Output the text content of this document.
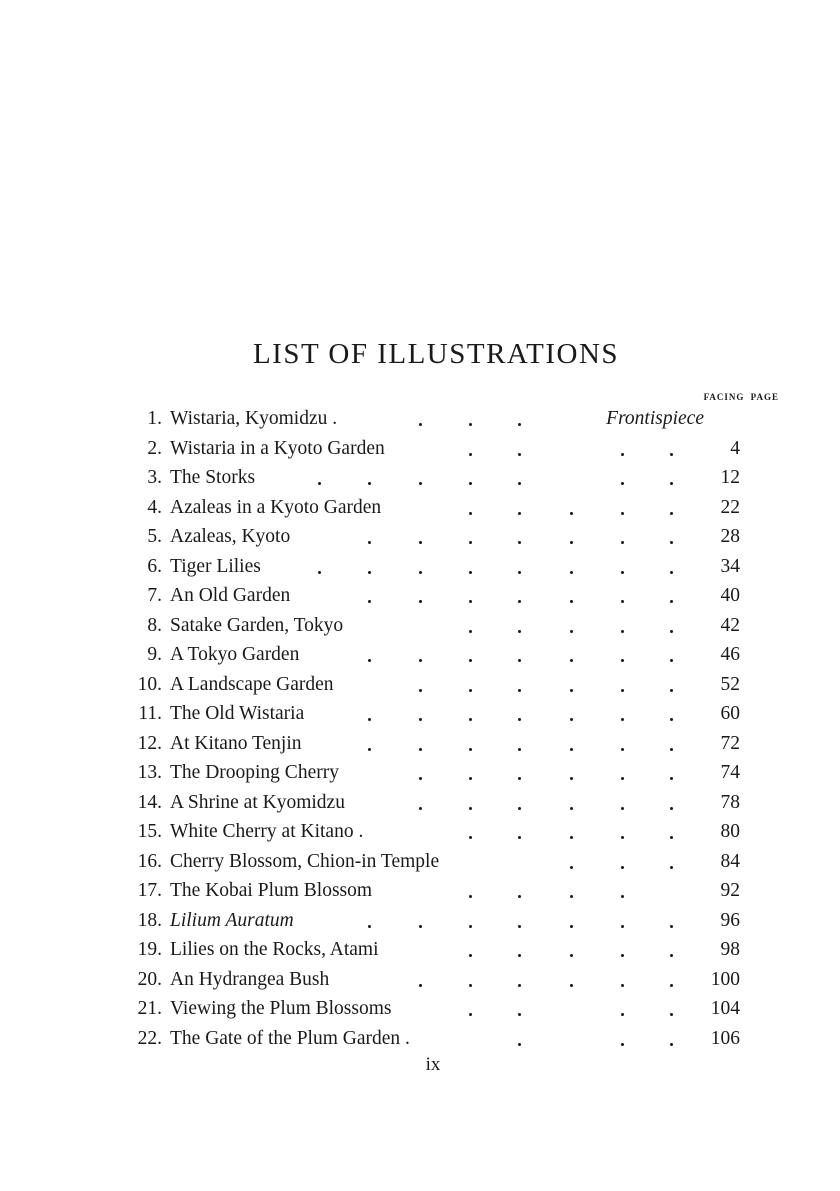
LIST OF ILLUSTRATIONS
FACING PAGE
1. Wistaria, Kyomidzu .	Frontispiece
2. Wistaria in a Kyoto Garden	4
3. The Storks	12
4. Azaleas in a Kyoto Garden	22
5. Azaleas, Kyoto	28
6. Tiger Lilies	34
7. An Old Garden	40
8. Satake Garden, Tokyo	42
9. A Tokyo Garden	46
10. A Landscape Garden	52
11. The Old Wistaria	60
12. At Kitano Tenjin	72
13. The Drooping Cherry	74
14. A Shrine at Kyomidzu	78
15. White Cherry at Kitano .	80
16. Cherry Blossom, Chion-in Temple	84
17. The Kobai Plum Blossom	92
18. Lilium Auratum	96
19. Lilies on the Rocks, Atami	98
20. An Hydrangea Bush	100
21. Viewing the Plum Blossoms	104
22. The Gate of the Plum Garden .	106
ix
